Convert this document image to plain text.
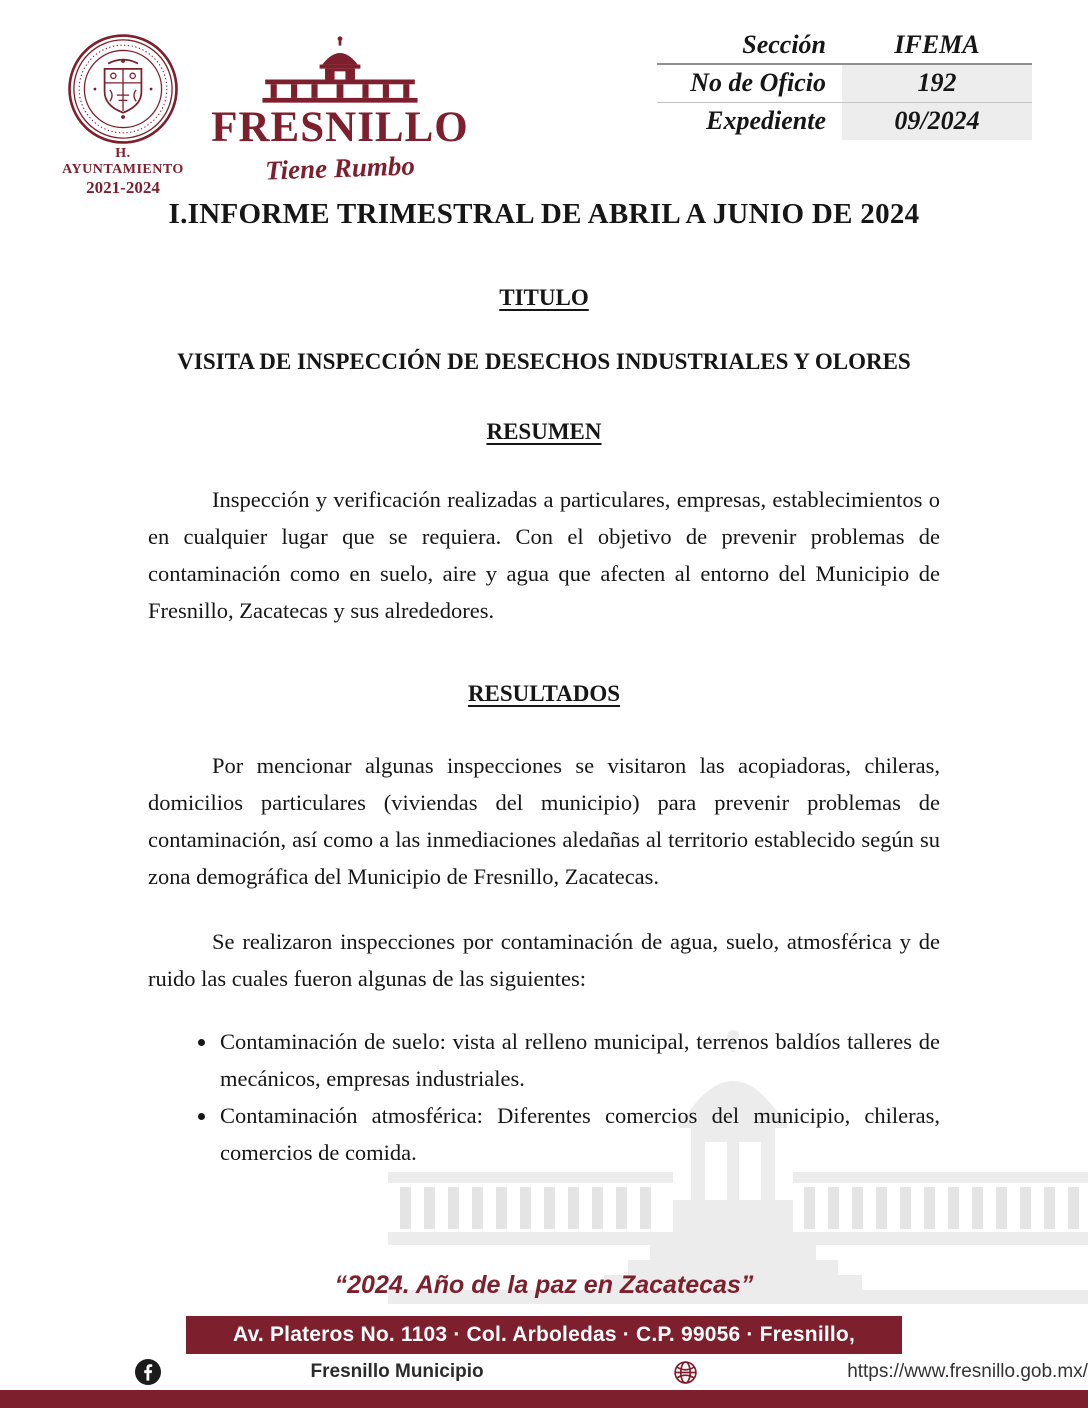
H. AYUNTAMIENTO
2021-2024
FRESNILLO
Tiene Rumbo
Sección	IFEMA
No de Oficio	192
Expediente	09/2024
I.INFORME TRIMESTRAL DE ABRIL A JUNIO DE 2024
TITULO

VISITA DE INSPECCIÓN DE DESECHOS INDUSTRIALES Y OLORES

RESUMEN

Inspección y verificación realizadas a particulares, empresas, establecimientos o en cualquier lugar que se requiera. Con el objetivo de prevenir problemas de contaminación como en suelo, aire y agua que afecten al entorno del Municipio de Fresnillo, Zacatecas y sus alrededores.

RESULTADOS

Por mencionar algunas inspecciones se visitaron las acopiadoras, chileras, domicilios particulares (viviendas del municipio) para prevenir problemas de contaminación, así como a las inmediaciones aledañas al territorio establecido según su zona demográfica del Municipio de Fresnillo, Zacatecas.

Se realizaron inspecciones por contaminación de agua, suelo, atmosférica y de ruido las cuales fueron algunas de las siguientes:

• Contaminación de suelo: vista al relleno municipal, terrenos baldíos talleres de mecánicos, empresas industriales.
• Contaminación atmosférica: Diferentes comercios del municipio, chileras, comercios de comida.
“2024. Año de la paz en Zacatecas”
Av. Plateros No. 1103 · Col. Arboledas · C.P. 99056 · Fresnillo, Zacatecas.
Fresnillo Municipio	https://www.fresnillo.gob.mx/
